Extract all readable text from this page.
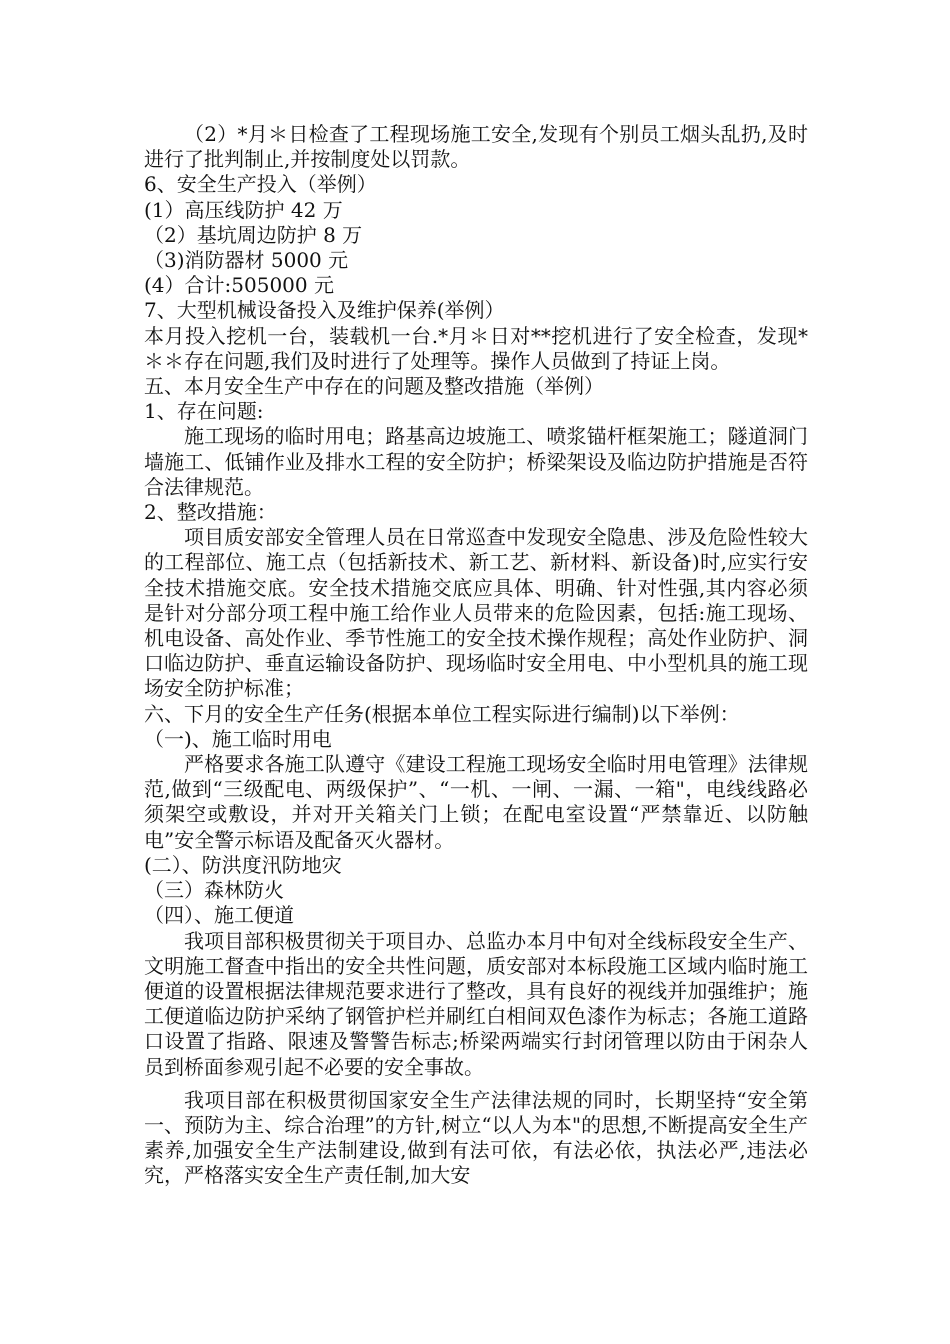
（2）*月＊日检查了工程现场施工安全,发现有个别员工烟头乱扔,及时进行了批判制止,并按制度处以罚款。

6、安全生产投入（举例）

(1）高压线防护 42 万

（2）基坑周边防护 8 万

（3)消防器材 5000 元

(4）合计:505000 元

7、大型机械设备投入及维护保养(举例）

本月投入挖机一台，装载机一台.*月＊日对**挖机进行了安全检查，发现*＊＊存在问题,我们及时进行了处理等。操作人员做到了持证上岗。

五、本月安全生产中存在的问题及整改措施（举例）

1、存在问题:

施工现场的临时用电；路基高边坡施工、喷浆锚杆框架施工；隧道洞门墙施工、低铺作业及排水工程的安全防护；桥梁架设及临边防护措施是否符合法律规范。

2、整改措施：

项目质安部安全管理人员在日常巡查中发现安全隐患、涉及危险性较大的工程部位、施工点（包括新技术、新工艺、新材料、新设备)时,应实行安全技术措施交底。安全技术措施交底应具体、明确、针对性强,其内容必须是针对分部分项工程中施工给作业人员带来的危险因素，包括:施工现场、机电设备、高处作业、季节性施工的安全技术操作规程；高处作业防护、洞口临边防护、垂直运输设备防护、现场临时安全用电、中小型机具的施工现场安全防护标准；

六、下月的安全生产任务(根据本单位工程实际进行编制)以下举例：

（一)、施工临时用电

严格要求各施工队遵守《建设工程施工现场安全临时用电管理》法律规范,做到“三级配电、两级保护”、“一机、一闸、一漏、一箱"，电线线路必须架空或敷设，并对开关箱关门上锁；在配电室设置“严禁靠近、以防触电”安全警示标语及配备灭火器材。

(二）、防洪度汛防地灾

（三）森林防火

（四）、施工便道

我项目部积极贯彻关于项目办、总监办本月中旬对全线标段安全生产、文明施工督查中指出的安全共性问题，质安部对本标段施工区域内临时施工便道的设置根据法律规范要求进行了整改，具有良好的视线并加强维护；施工便道临边防护采纳了钢管护栏并刷红白相间双色漆作为标志；各施工道路口设置了指路、限速及警警告标志;桥梁两端实行封闭管理以防由于闲杂人员到桥面参观引起不必要的安全事故。

我项目部在积极贯彻国家安全生产法律法规的同时，长期坚持“安全第一、预防为主、综合治理”的方针,树立“以人为本"的思想,不断提高安全生产素养,加强安全生产法制建设,做到有法可依，有法必依，执法必严,违法必究，严格落实安全生产责任制,加大安
